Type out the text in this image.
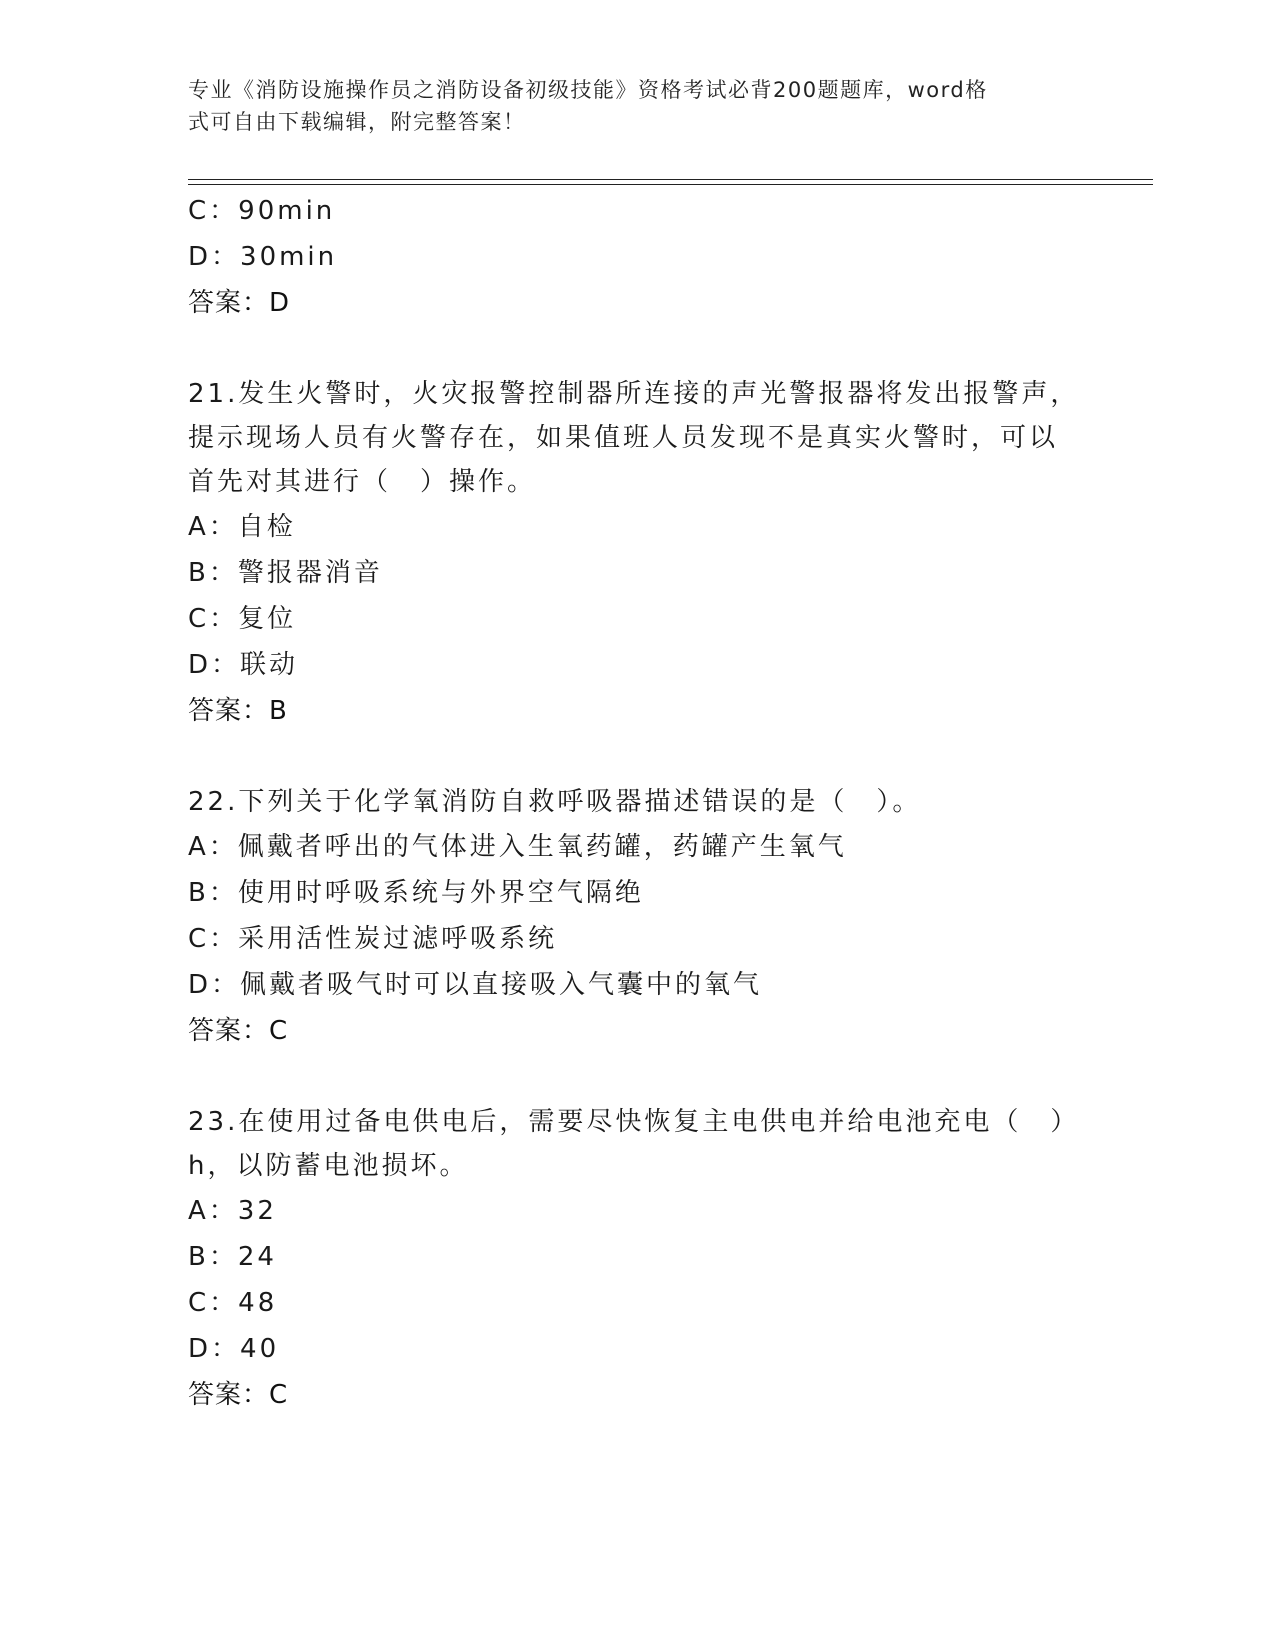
专业《消防设施操作员之消防设备初级技能》资格考试必背200题题库，word格
式可自由下载编辑，附完整答案！
C：90min
D：30min
答案：D
21.发生火警时，火灾报警控制器所连接的声光警报器将发出报警声，
提示现场人员有火警存在，如果值班人员发现不是真实火警时，可以
首先对其进行（　）操作。
A：自检
B：警报器消音
C：复位
D：联动
答案：B
22.下列关于化学氧消防自救呼吸器描述错误的是（　）。
A：佩戴者呼出的气体进入生氧药罐，药罐产生氧气
B：使用时呼吸系统与外界空气隔绝
C：采用活性炭过滤呼吸系统
D：佩戴者吸气时可以直接吸入气囊中的氧气
答案：C
23.在使用过备电供电后，需要尽快恢复主电供电并给电池充电（　）
h，以防蓄电池损坏。
A：32
B：24
C：48
D：40
答案：C
